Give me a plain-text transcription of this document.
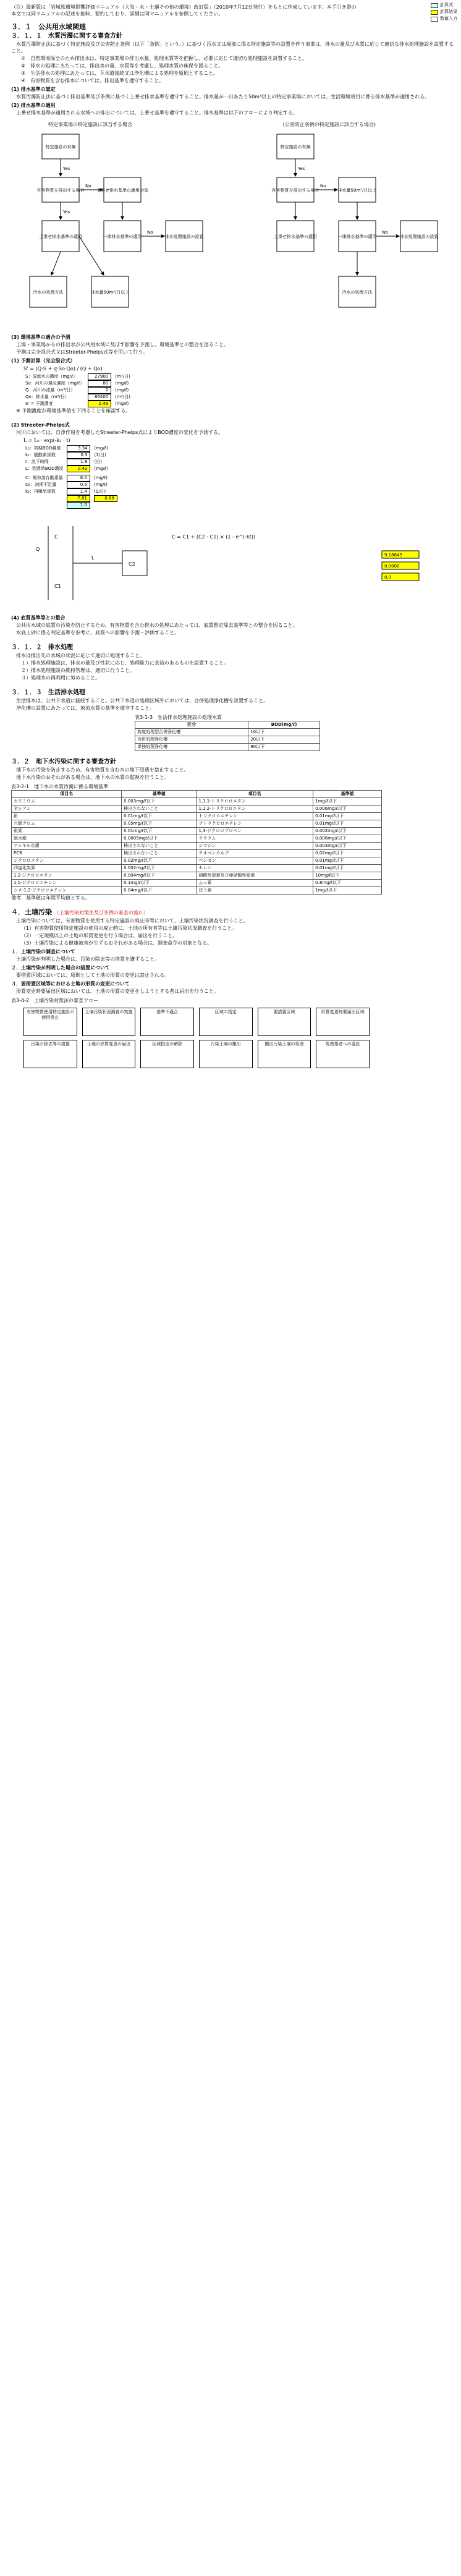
計算式
計算結果
数値入力
（注）最新版は「岩城県環境影響評価マニュアル（大気・水・土壌その他の環境）改訂版」（2010年7月12日発行）をもとに作成しています。本手引き書の本文では同マニュアルの記述を抜粋、要約しており、詳細は同マニュアルを参照してください。
３．１　公共用水域関連
３．１．１　水質汚濁に関する審査方針

水質汚濁防止法に基づく特定施設及び公害防止条例（以下「条例」という。）に基づく汚水又は廃液に係る特定施設等の設置を伴う事業は、排水の量及び水質に応じて適切な排水処理施設を設置すること。

①　自然環境保全のため排出水は、特定事業場の排出水量、処理水質等を把握し、必要に応じて適切な処理施設を設置すること。

②　排水の処理にあたっては、排出水の量、水質等を考慮し、処理水質の確保を図ること。

③　生活排水の処理にあたっては、下水道接続又は浄化槽による処理を原則とすること。

④　有害物質を含む排水については、排出基準を遵守すること。

(1) 排水基準の認定

水質汚濁防止法に基づく排出基準及び条例に基づく上乗せ排水基準を遵守すること。排水量が一日あたり50m³以上の特定事業場においては、生活環境項目に係る排水基準が適用される。

(2) 排水基準の適用

上乗せ排水基準が適用される水域への排出については、上乗せ基準を遵守すること。排水基準は以下のフローにより判定する。

特定事業場の特定施設に該当する場合	(公害防止条例の特定施設に該当する場合)
特定施設の有無
有害物質を排出する場合
上乗せ排水基準の適用
上乗せ排水基準の適用対象
一律排水基準の適用	排水処理施設の設置
汚水の処理方法	排水量50m³/日以上
特定施設の有無
有害物質を排出する場合	排水量50m³/日以上
上乗せ排水基準の適用	一律排水基準の適用	排水処理施設の設置
汚水の処理方法
Yes
No
Yes
No
Yes
No
No
(3) 環境基準の適合の予測

工場・事業場からの排出水が公共用水域に及ぼす影響を予測し、環境基準との整合を図ること。

予測は完全混合式又はStreeter-Phelps式等を用いて行う。

(1) 予測計算（完全混合式）
S' = (Q·S + q·So·Qo) / (Q + Qo)
S：放流水の濃度（mg/ℓ）	27900	(m³/日)
So：河川の現況濃度（mg/ℓ）	80	(mg/ℓ)
Q：河川の流量（m³/日）	2	(mg/ℓ)
Qo：排水量（m³/日）	86400	(m³/日)
S' = 予測濃度	2.49	(mg/ℓ)

※ 予測濃度が環境基準値を下回ることを確認する。

(2) Streeter-Phelps式

河川においては、自浄作用を考慮したStreeter-Phelps式によりBOD濃度の変化を予測する。

L = L₀ · exp(-k₁ · t)
L₀：初期BOD濃度	3.34	(mg/ℓ)
k₁：脱酸素係数	0.3	(1/日)
t：流下時間	1.8	(日)
L：到達時BOD濃度	0.42	(mg/ℓ)
C：飽和溶存酸素量	8.0	(mg/ℓ)
D₀：初期不足量	0.5	(mg/ℓ)
k₂：再曝気係数	1.4	(1/日)
	7.81	0.68
	1.0	
Q
C
C1
C2
L
C = C1 + (C2 - C1) × (1 - e^(-kt))
9.18645
0.0000
0.0
(4) 底質基準等との整合

公共用水域の底質の汚染を防止するため、有害物質を含む排水の処理にあたっては、底質暫定除去基準等との整合を図ること。

水底土砂に係る判定基準を参考に、底質への影響を予測・評価すること。

３．１．２　排水処理

排水は排出先の水域の状況に応じて適切に処理すること。

１）排水処理施設は、排水の量及び性状に応じ、処理能力に余裕のあるものを設置すること。

２）排水処理施設の維持管理は、適切に行うこと。

３）処理水の再利用に努めること。

３．１．３　生活排水処理

生活排水は、公共下水道に接続すること。公共下水道の処理区域外においては、合併処理浄化槽を設置すること。

浄化槽の設置にあたっては、放流水質の基準を遵守すること。

表3-1-3　生活排水処理施設の処理水質
区分	BOD(mg/ℓ)
高度処理型合併浄化槽	10以下
合併処理浄化槽	20以下
単独処理浄化槽	90以下
３．２　地下水汚染に関する審査方針

地下水の汚染を防止するため、有害物質を含む水の地下浸透を禁止すること。

地下水汚染のおそれがある場合は、地下水の水質の監視を行うこと。

表3-2-1　地下水の水質汚濁に係る環境基準
項目名	基準値	項目名	基準値
カドミウム	0.003mg/ℓ以下	1,1,1-トリクロロエタン	1mg/ℓ以下
全シアン	検出されないこと	1,1,2-トリクロロエタン	0.006mg/ℓ以下
鉛	0.01mg/ℓ以下	トリクロロエチレン	0.01mg/ℓ以下
六価クロム	0.05mg/ℓ以下	テトラクロロエチレン	0.01mg/ℓ以下
砒素	0.01mg/ℓ以下	1,3-ジクロロプロペン	0.002mg/ℓ以下
総水銀	0.0005mg/ℓ以下	チウラム	0.006mg/ℓ以下
アルキル水銀	検出されないこと	シマジン	0.003mg/ℓ以下
PCB	検出されないこと	チオベンカルブ	0.02mg/ℓ以下
ジクロロメタン	0.02mg/ℓ以下	ベンゼン	0.01mg/ℓ以下
四塩化炭素	0.002mg/ℓ以下	セレン	0.01mg/ℓ以下
1,2-ジクロロエタン	0.004mg/ℓ以下	硝酸性窒素及び亜硝酸性窒素	10mg/ℓ以下
1,1-ジクロロエチレン	0.1mg/ℓ以下	ふっ素	0.8mg/ℓ以下
シス-1,2-ジクロロエチレン	0.04mg/ℓ以下	ほう素	1mg/ℓ以下
備考　基準値は年間平均値とする。
４．土壌汚染 （土壌汚染対策法及び条例の審査の流れ）

土壌汚染については、有害物質を使用する特定施設の廃止時等において、土壌汚染状況調査を行うこと。

（1）有害物質使用特定施設の使用の廃止時に、土地の所有者等は土壌汚染状況調査を行うこと。

（2）一定規模以上の土地の形質変更を行う場合は、届出を行うこと。

（3）土壌汚染による健康被害が生ずるおそれがある場合は、調査命令の対象となる。

１．土壌汚染の調査について

土壌汚染が判明した場合は、汚染の除去等の措置を講ずること。

２．土壌汚染が判明した場合の措置について

要措置区域においては、原則として土地の形質の変更は禁止される。

３．要措置区域等における土地の形質の変更について

形質変更時要届出区域においては、土地の形質の変更をしようとする者は届出を行うこと。

表3-4-2　土壌汚染対策法の審査フロー
有害物質使用特定施設の使用廃止
土壌汚染状況調査の実施	基準不適合	区域の指定	要措置区域	形質変更時要届出区域
汚染の除去等の措置	土地の形質変更の届出	区域指定の解除	汚染土壌の搬出	搬出汚染土壌の処理	処理業者への委託
